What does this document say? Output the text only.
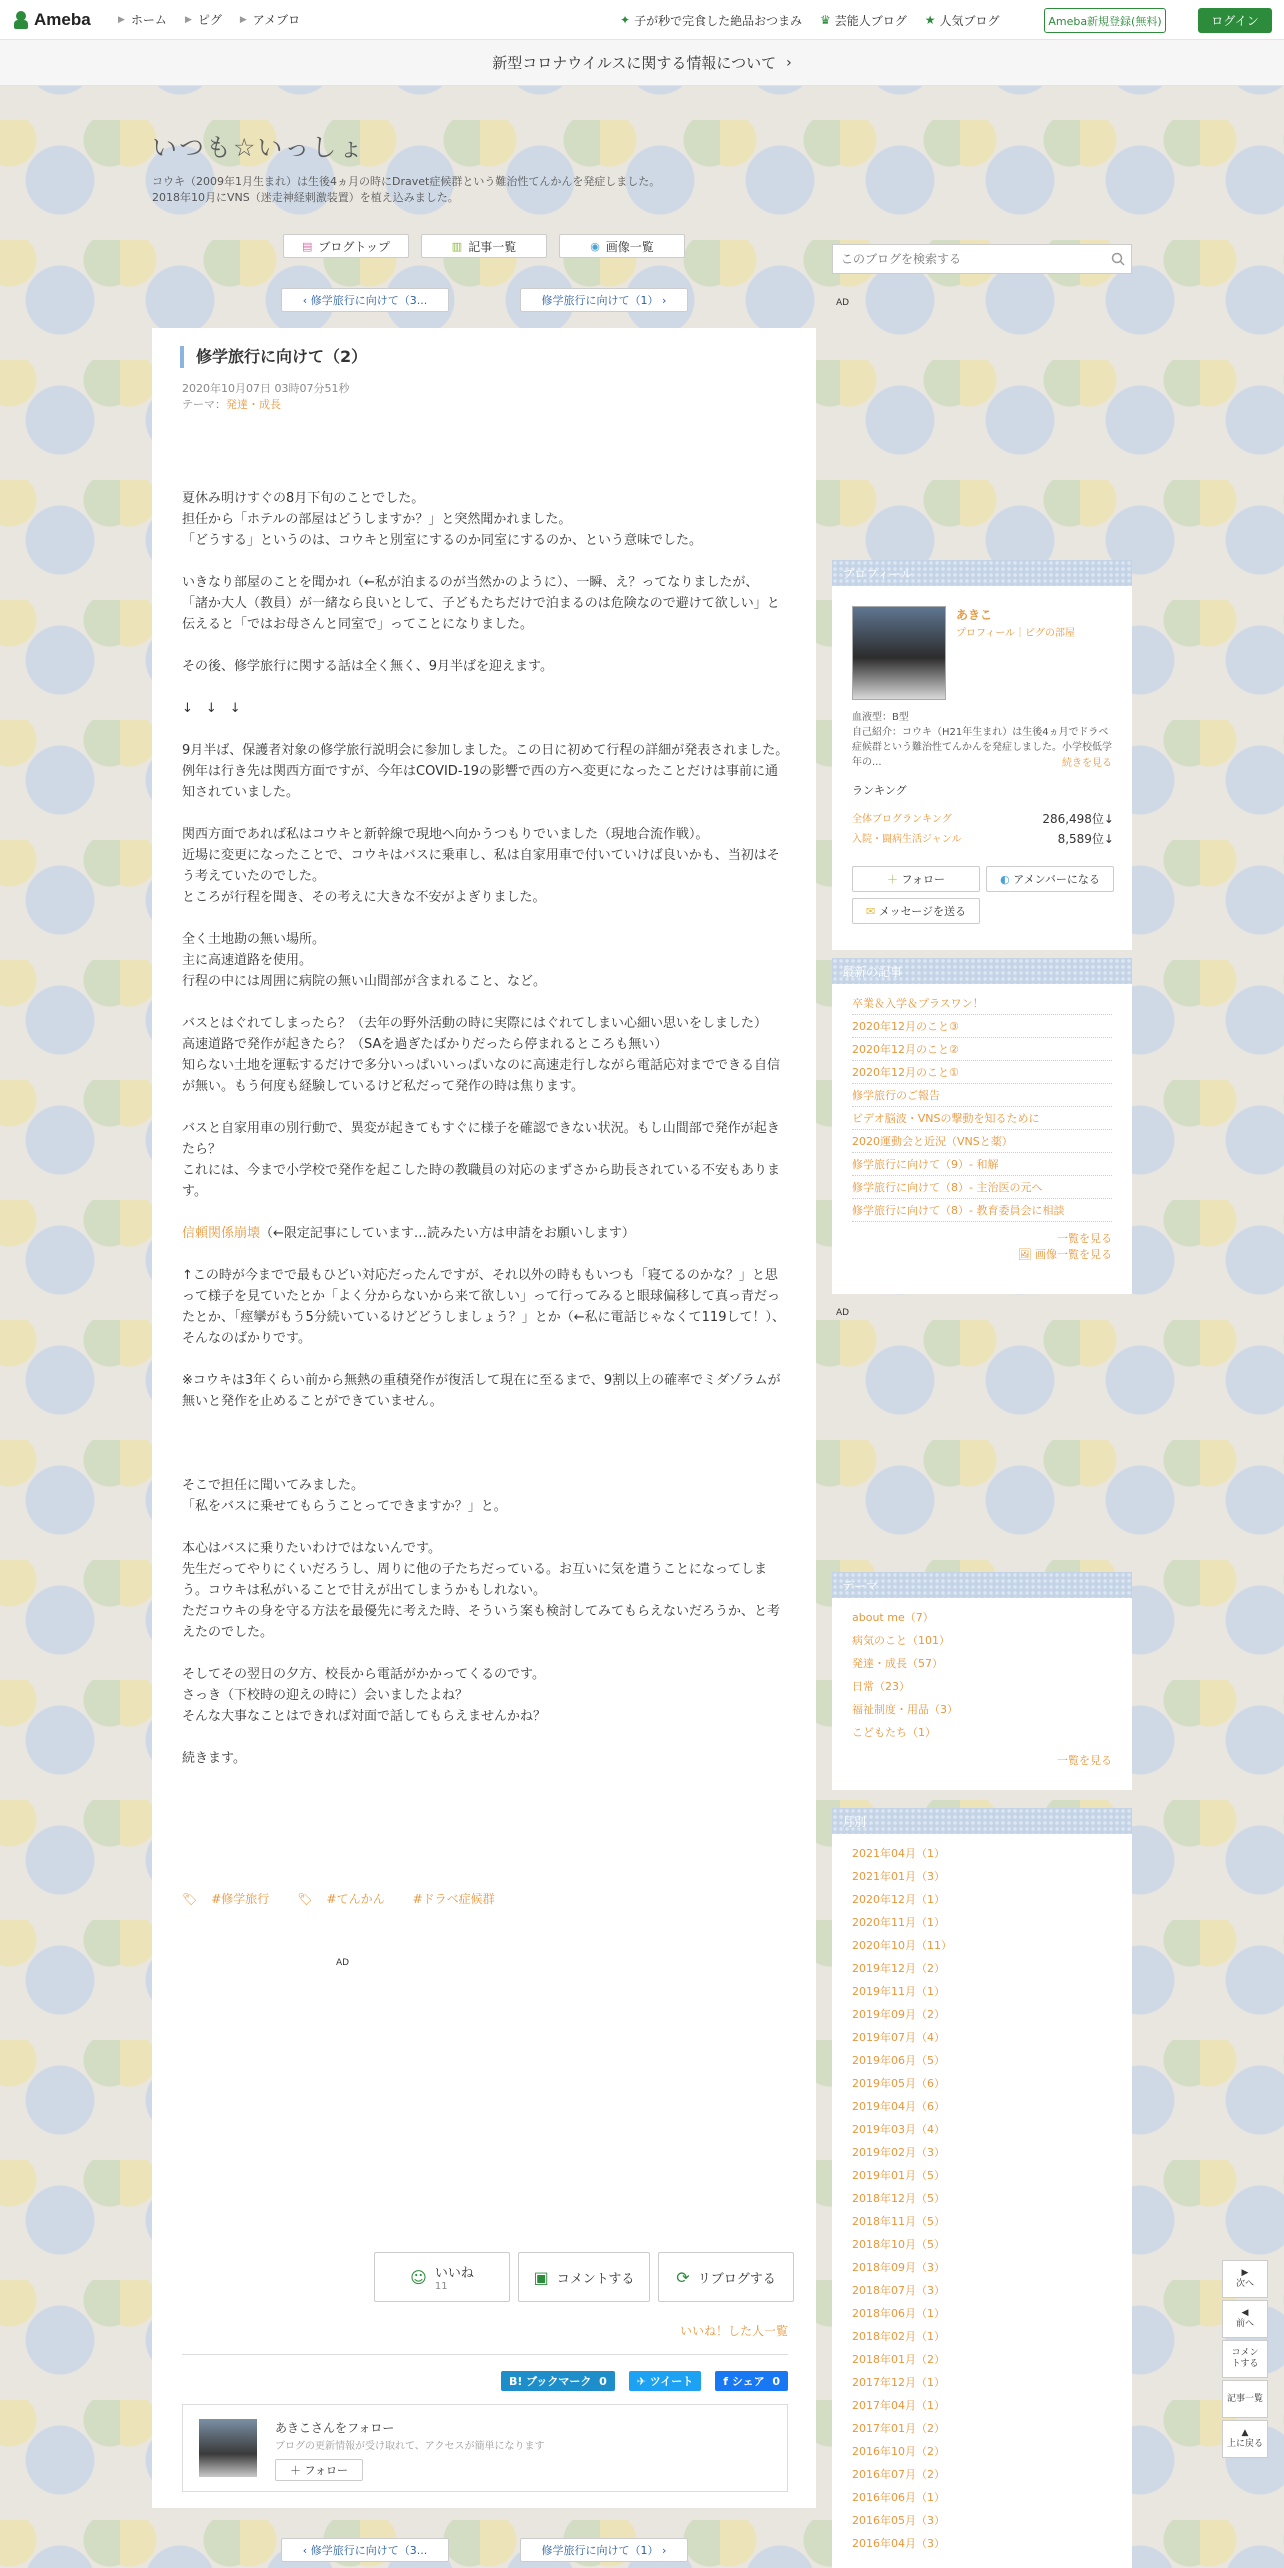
Ameba	▶ ホーム ▶ ピグ ▶ アメブロ	✦ 子が秒で完食した絶品おつまみ ♛ 芸能人ブログ ★ 人気ブログ	Ameba新規登録(無料)	ログイン
新型コロナウイルスに関する情報について ›
いつも☆いっしょ
コウキ（2009年1月生まれ）は生後4ヵ月の時にDravet症候群という難治性てんかんを発症しました。
2018年10月にVNS（迷走神経刺激装置）を植え込みました。
▤ ブログトップ	▥ 記事一覧	◉ 画像一覧
‹ 修学旅行に向けて（3...	修学旅行に向けて（1） ›
このブログを検索する	AD
修学旅行に向けて（2）
2020年10月07日 03時07分51秒
テーマ：発達・成長

夏休み明けすぐの8月下旬のことでした。

担任から「ホテルの部屋はどうしますか？」と突然聞かれました。

「どうする」というのは、コウキと別室にするのか同室にするのか、という意味でした。

いきなり部屋のことを聞かれ（←私が泊まるのが当然かのように）、一瞬、え？ってなりましたが、

「諸か大人（教員）が一緒なら良いとして、子どもたちだけで泊まるのは危険なので避けて欲しい」と伝えると「ではお母さんと同室で」ってことになりました。

その後、修学旅行に関する話は全く無く、9月半ばを迎えます。

↓　↓　↓

9月半ば、保護者対象の修学旅行説明会に参加しました。この日に初めて行程の詳細が発表されました。

例年は行き先は関西方面ですが、今年はCOVID-19の影響で西の方へ変更になったことだけは事前に通知されていました。

関西方面であれば私はコウキと新幹線で現地へ向かうつもりでいました（現地合流作戦）。

近場に変更になったことで、コウキはバスに乗車し、私は自家用車で付いていけば良いかも、当初はそう考えていたのでした。

ところが行程を聞き、その考えに大きな不安がよぎりました。

全く土地勘の無い場所。

主に高速道路を使用。

行程の中には周囲に病院の無い山間部が含まれること、など。

バスとはぐれてしまったら？（去年の野外活動の時に実際にはぐれてしまい心細い思いをしました）

高速道路で発作が起きたら？（SAを過ぎたばかりだったら停まれるところも無い）

知らない土地を運転するだけで多分いっぱいいっぱいなのに高速走行しながら電話応対までできる自信が無い。もう何度も経験しているけど私だって発作の時は焦ります。

バスと自家用車の別行動で、異変が起きてもすぐに様子を確認できない状況。もし山間部で発作が起きたら？

これには、今まで小学校で発作を起こした時の教職員の対応のまずさから助長されている不安もあります。

信頼関係崩壊（←限定記事にしています…読みたい方は申請をお願いします）

↑この時が今までで最もひどい対応だったんですが、それ以外の時ももいつも「寝てるのかな？」と思って様子を見ていたとか「よく分からないから来て欲しい」って行ってみると眼球偏移して真っ青だったとか、「痙攣がもう5分続いているけどどうしましょう？」とか（←私に電話じゃなくて119して！）、そんなのばかりです。

※コウキは3年くらい前から無熱の重積発作が復活して現在に至るまで、9割以上の確率でミダゾラムが無いと発作を止めることができていません。

そこで担任に聞いてみました。

「私をバスに乗せてもらうことってできますか？」と。

本心はバスに乗りたいわけではないんです。

先生だってやりにくいだろうし、周りに他の子たちだっている。お互いに気を遣うことになってしまう。コウキは私がいることで甘えが出てしまうかもしれない。

ただコウキの身を守る方法を最優先に考えた時、そういう案も検討してみてもらえないだろうか、と考えたのでした。

そしてその翌日の夕方、校長から電話がかかってくるのです。

さっき（下校時の迎えの時に）会いましたよね？

そんな大事なことはできれば対面で話してもらえませんかね？

続きます。

🏷 #修学旅行	🏷 #てんかん	#ドラベ症候群
AD
☺ いいね
11	▣ コメントする	⟳ リブログする
いいね！した人一覧
B! ブックマーク
0	✈
ツイート	f
シェア
0
あきこさんをフォロー
ブログの更新情報が受け取れて、アクセスが簡単になります
＋ フォロー
‹ 修学旅行に向けて（3...	修学旅行に向けて（1） ›
プロフィール
あきこ
プロフィール｜ピグの部屋
血液型：B型
自己紹介：コウキ（H21年生まれ）は生後4ヵ月でドラベ症候群という難治性てんかんを発症しました。小学校低学年の...	続きを見る
ランキング
全体ブログランキング	286,498位↓
入院・闘病生活ジャンル	8,589位↓
＋ フォロー	◐ アメンバーになる
✉ メッセージを送る
最新の記事
卒業＆入学＆プラスワン！
2020年12月のこと③
2020年12月のこと②
2020年12月のこと①
修学旅行のご報告
ビデオ脳波・VNSの撃動を知るために
2020運動会と近況（VNSと薬）
修学旅行に向けて（9）- 和解
修学旅行に向けて（8）- 主治医の元へ
修学旅行に向けて（8）- 教育委員会に相談
一覧を見る
🖼 画像一覧を見る
AD
テーマ
about me（7）
病気のこと（101）
発達・成長（57）
日常（23）
福祉制度・用品（3）
こどもたち（1）
一覧を見る
月別
2021年04月（1）
2021年01月（3）
2020年12月（1）
2020年11月（1）
2020年10月（11）
2019年12月（2）
2019年11月（1）
2019年09月（2）
2019年07月（4）
2019年06月（5）
2019年05月（6）
2019年04月（6）
2019年03月（4）
2019年02月（3）
2019年01月（5）
2018年12月（5）
2018年11月（5）
2018年10月（5）
2018年09月（3）
2018年07月（3）
2018年06月（1）
2018年02月（1）
2018年01月（2）
2017年12月（1）
2017年04月（1）
2017年01月（2）
2016年10月（2）
2016年07月（2）
2016年06月（1）
2016年05月（3）
2016年04月（3）
▶
次へ
◀
前へ
コメントする
記事一覧
▲
上に戻る
